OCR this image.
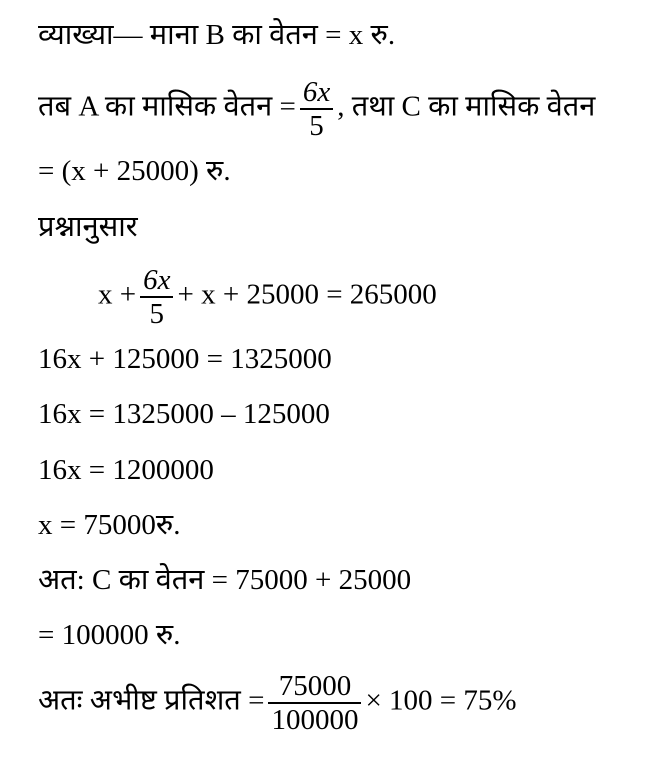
व्याख्या— माना B का वेतन = x रु.
तब A का मासिक वेतन = $\frac{6x}{5}$ , तथा C का मासिक वेतन
= (x + 25000) रु.
प्रश्नानुसार
$x + \frac{6x}{5} + x + 25000 = 265000$
16x + 125000 = 1325000
16x = 1325000 – 125000
16x = 1200000
x = 75000रु.
अत: C का वेतन = 75000 + 25000
= 100000 रु.
अतः अभीष्ट प्रतिशत = $\frac{75000}{100000} \times 100 = 75\%$
